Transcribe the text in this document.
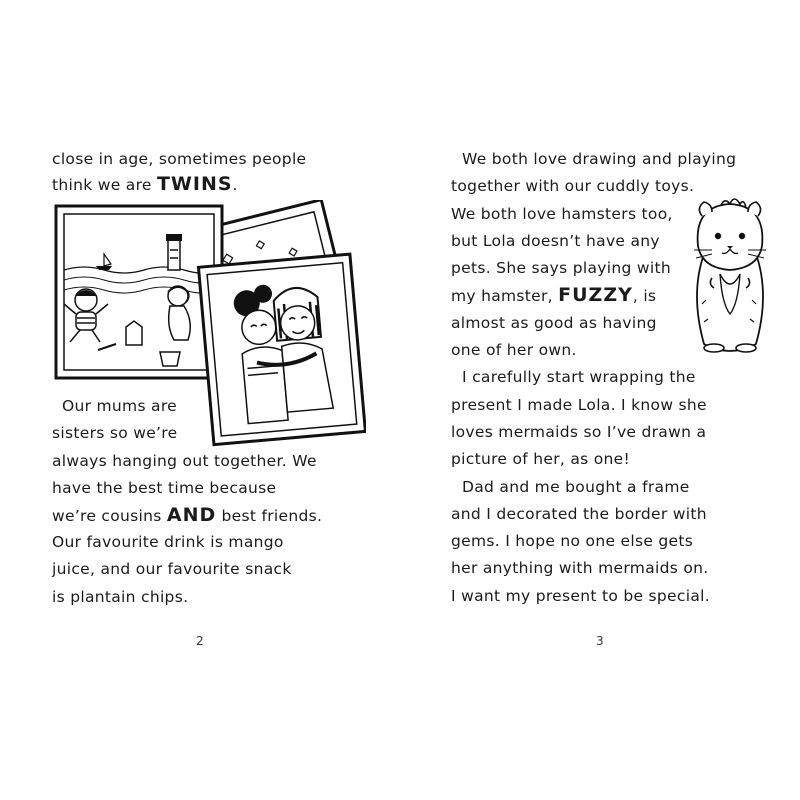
close in age, sometimes people
think we are TWINS.
Our mums are
sisters so we’re
always hanging out together. We
have the best time because
we’re cousins AND best friends.
Our favourite drink is mango
juice, and our favourite snack
is plantain chips.
2
We both love drawing and playing
together with our cuddly toys.
We both love hamsters too,
but Lola doesn’t have any
pets. She says playing with
my hamster, FUZZY, is
almost as good as having
one of her own.
I carefully start wrapping the
present I made Lola. I know she
loves mermaids so I’ve drawn a
picture of her, as one!
Dad and me bought a frame
and I decorated the border with
gems. I hope no one else gets
her anything with mermaids on.
I want my present to be special.
3
